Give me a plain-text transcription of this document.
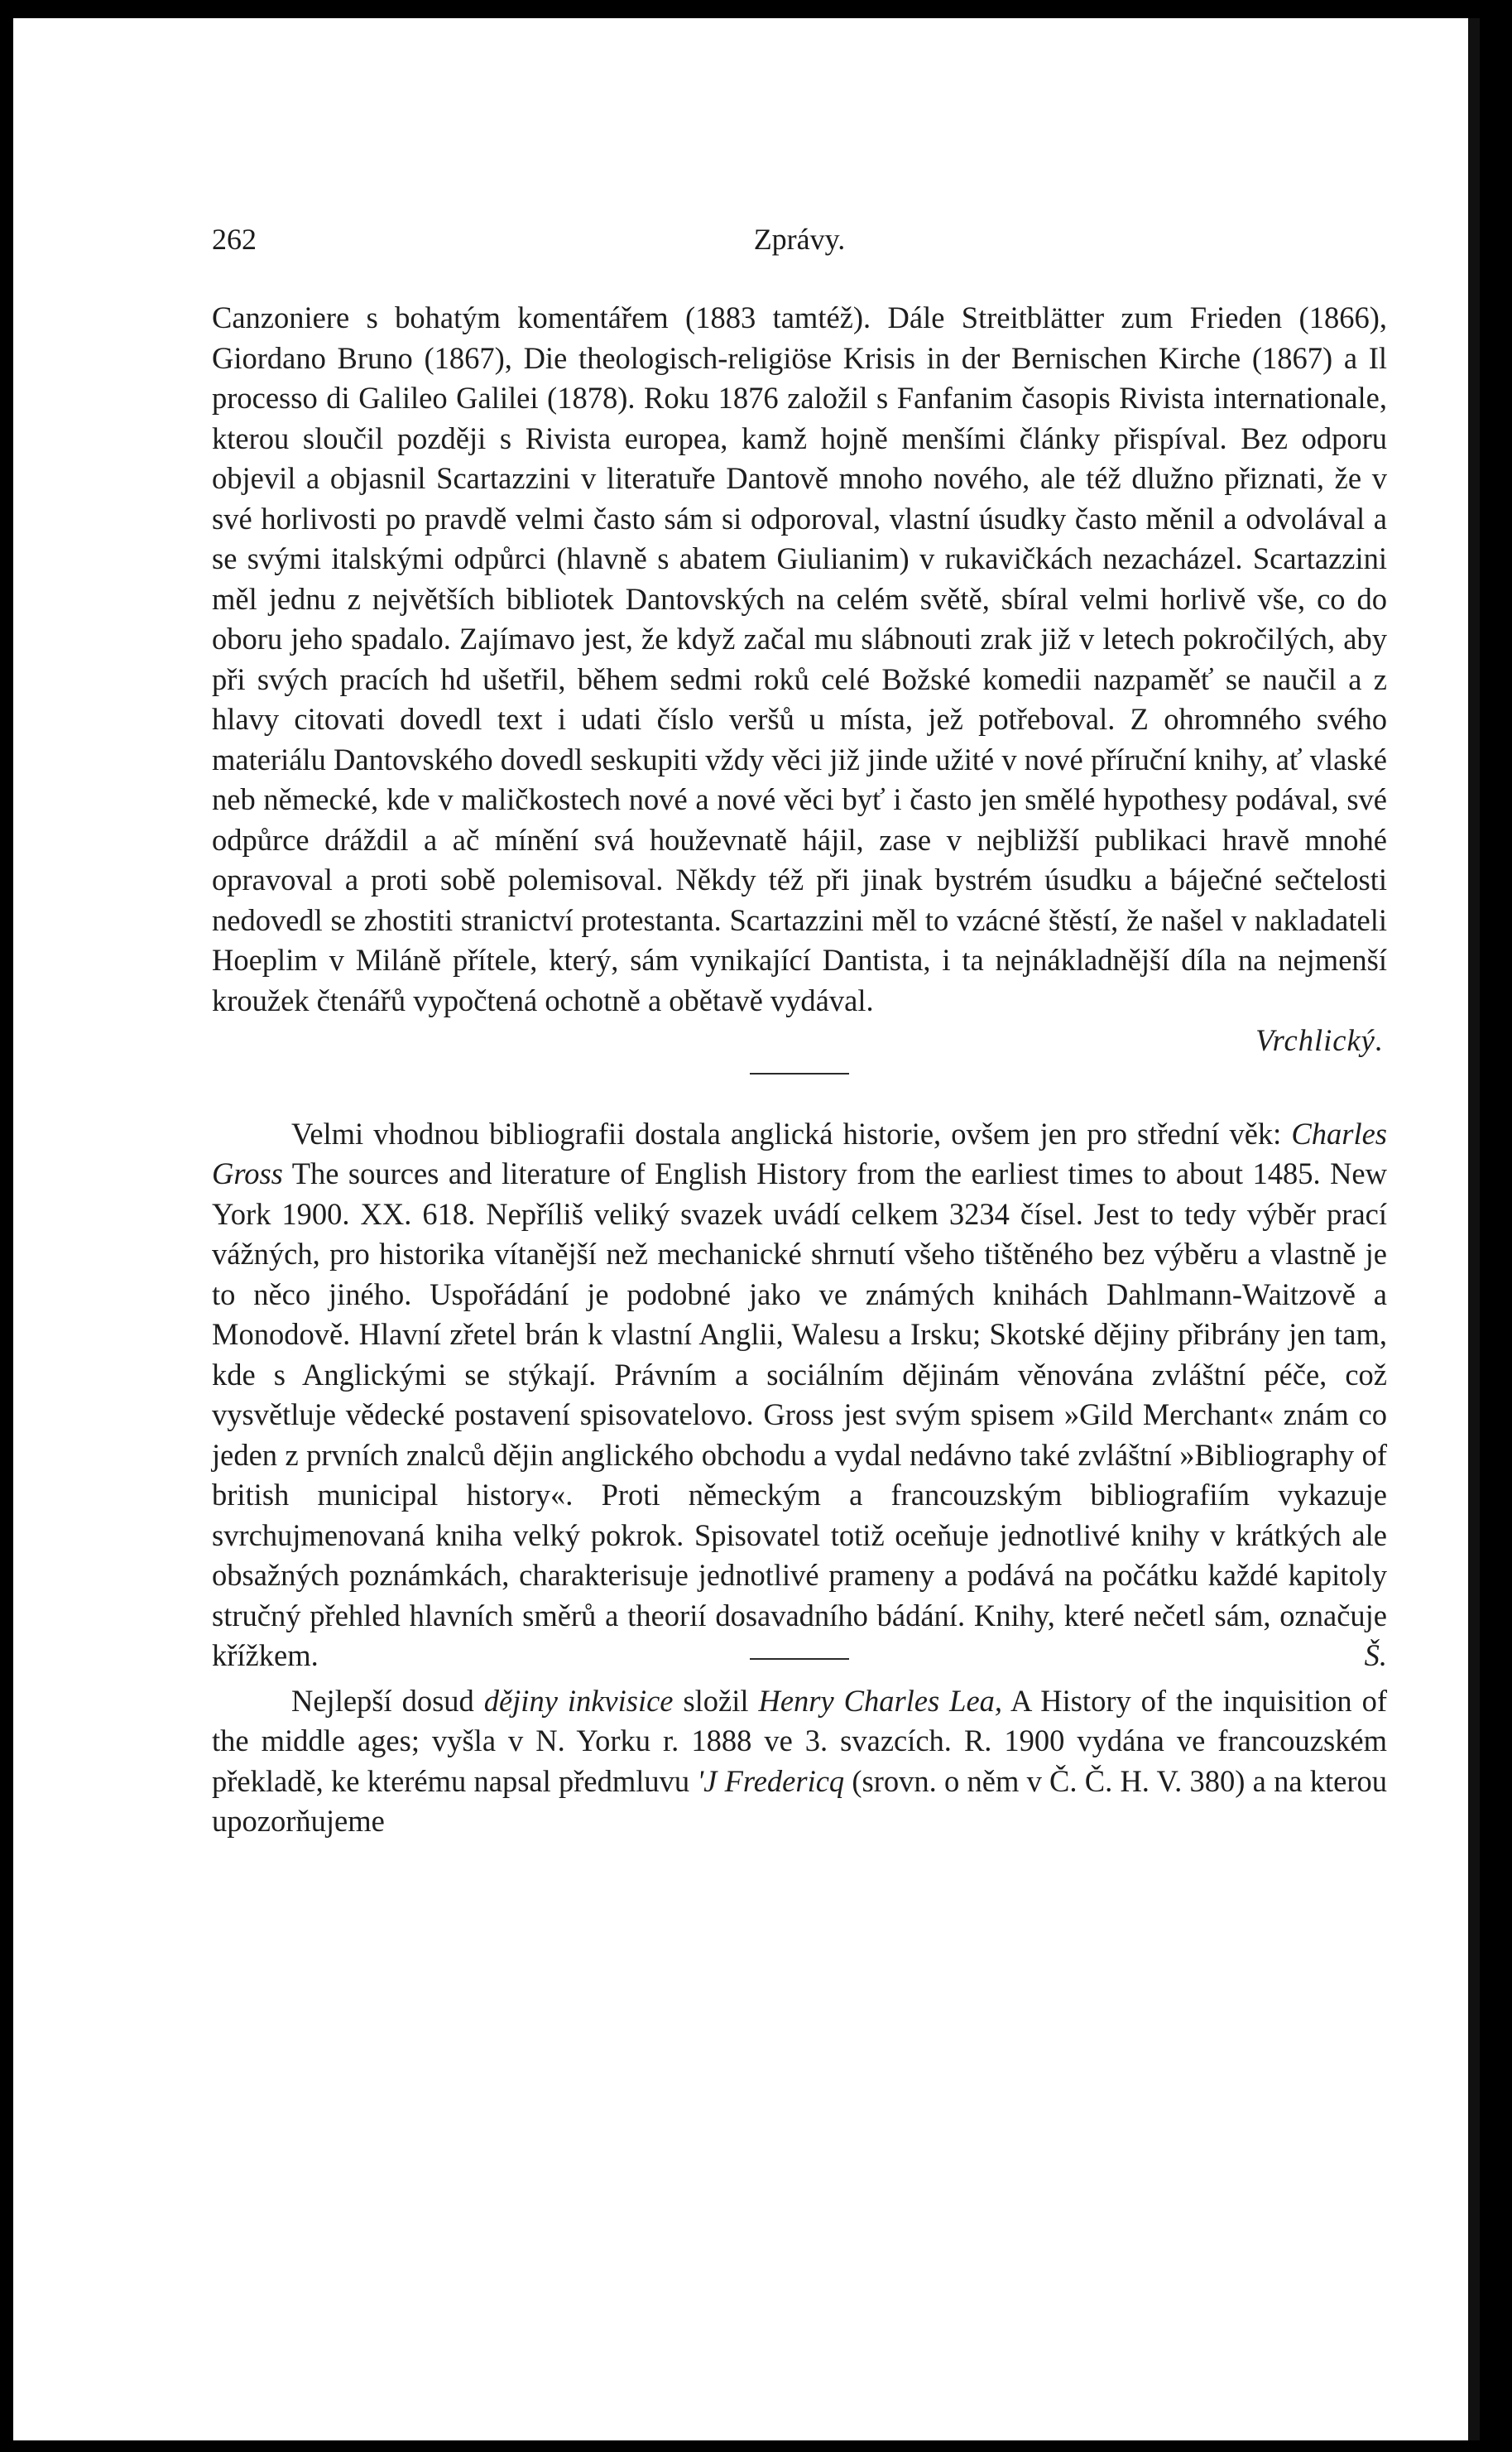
262	Zprávy.

Canzoniere s bohatým komentářem (1883 tamtéž). Dále Streitblätter zum Frieden (1866), Giordano Bruno (1867), Die theologisch-religiöse Krisis in der Bernischen Kirche (1867) a Il processo di Galileo Galilei (1878). Roku 1876 založil s Fanfanim časopis Rivista internationale, kterou sloučil později s Rivista europea, kamž hojně menšími články přispíval. Bez odporu objevil a objasnil Scartazzini v literatuře Dantově mnoho nového, ale též dlužno přiznati, že v své horlivosti po pravdě velmi často sám si odporoval, vlastní úsudky často měnil a odvolával a se svými italskými odpůrci (hlavně s abatem Giulianim) v rukavičkách nezacházel. Scartazzini měl jednu z největších bibliotek Dantovských na celém světě, sbíral velmi horlivě vše, co do oboru jeho spadalo. Zajímavo jest, že když začal mu slábnouti zrak již v letech pokročilých, aby při svých pracích hd ušetřil, během sedmi roků celé Božské komedii nazpaměť se naučil a z hlavy citovati dovedl text i udati číslo veršů u místa, jež potřeboval. Z ohromného svého materiálu Dantovského dovedl seskupiti vždy věci již jinde užité v nové příruční knihy, ať vlaské neb německé, kde v maličkostech nové a nové věci byť i často jen smělé hypothesy podával, své odpůrce dráždil a ač mínění svá houževnatě hájil, zase v nejbližší publikaci hravě mnohé opravoval a proti sobě polemisoval. Někdy též při jinak bystrém úsudku a báječné sečtelosti nedovedl se zhostiti stranictví protestanta. Scartazzini měl to vzácné štěstí, že našel v nakladateli Hoeplim v Miláně přítele, který, sám vynikající Dantista, i ta nejnákladnější díla na nejmenší kroužek čtenářů vypočtená ochotně a obětavě vydával.

Vrchlický.

Velmi vhodnou bibliografii dostala anglická historie, ovšem jen pro střední věk: Charles Gross The sources and literature of English History from the earliest times to about 1485. New York 1900. XX. 618. Nepříliš veliký svazek uvádí celkem 3234 čísel. Jest to tedy výběr prací vážných, pro historika vítanější než mechanické shrnutí všeho tištěného bez výběru a vlastně je to něco jiného. Uspořádání je podobné jako ve známých knihách Dahlmann-Waitzově a Monodově. Hlavní zřetel brán k vlastní Anglii, Walesu a Irsku; Skotské dějiny přibrány jen tam, kde s Anglickými se stýkají. Právním a sociálním dějinám věnována zvláštní péče, což vysvětluje vědecké postavení spisovatelovo. Gross jest svým spisem »Gild Merchant« znám co jeden z prvních znalců dějin anglického obchodu a vydal nedávno také zvláštní »Bibliography of british municipal history«. Proti německým a francouzským bibliografiím vykazuje svrchujmenovaná kniha velký pokrok. Spisovatel totiž oceňuje jednotlivé knihy v krátkých ale obsažných poznámkách, charakterisuje jednotlivé prameny a podává na počátku každé kapitoly stručný přehled hlavních směrů a theorií dosavadního bádání. Knihy, které nečetl sám, označuje křížkem.	Š.

Nejlepší dosud dějiny inkvisice složil Henry Charles Lea, A History of the inquisition of the middle ages; vyšla v N. Yorku r. 1888 ve 3. svazcích. R. 1900 vydána ve francouzském překladě, ke kterému napsal předmluvu 'J Fredericq (srovn. o něm v Č. Č. H. V. 380) a na kterou upozorňujeme
